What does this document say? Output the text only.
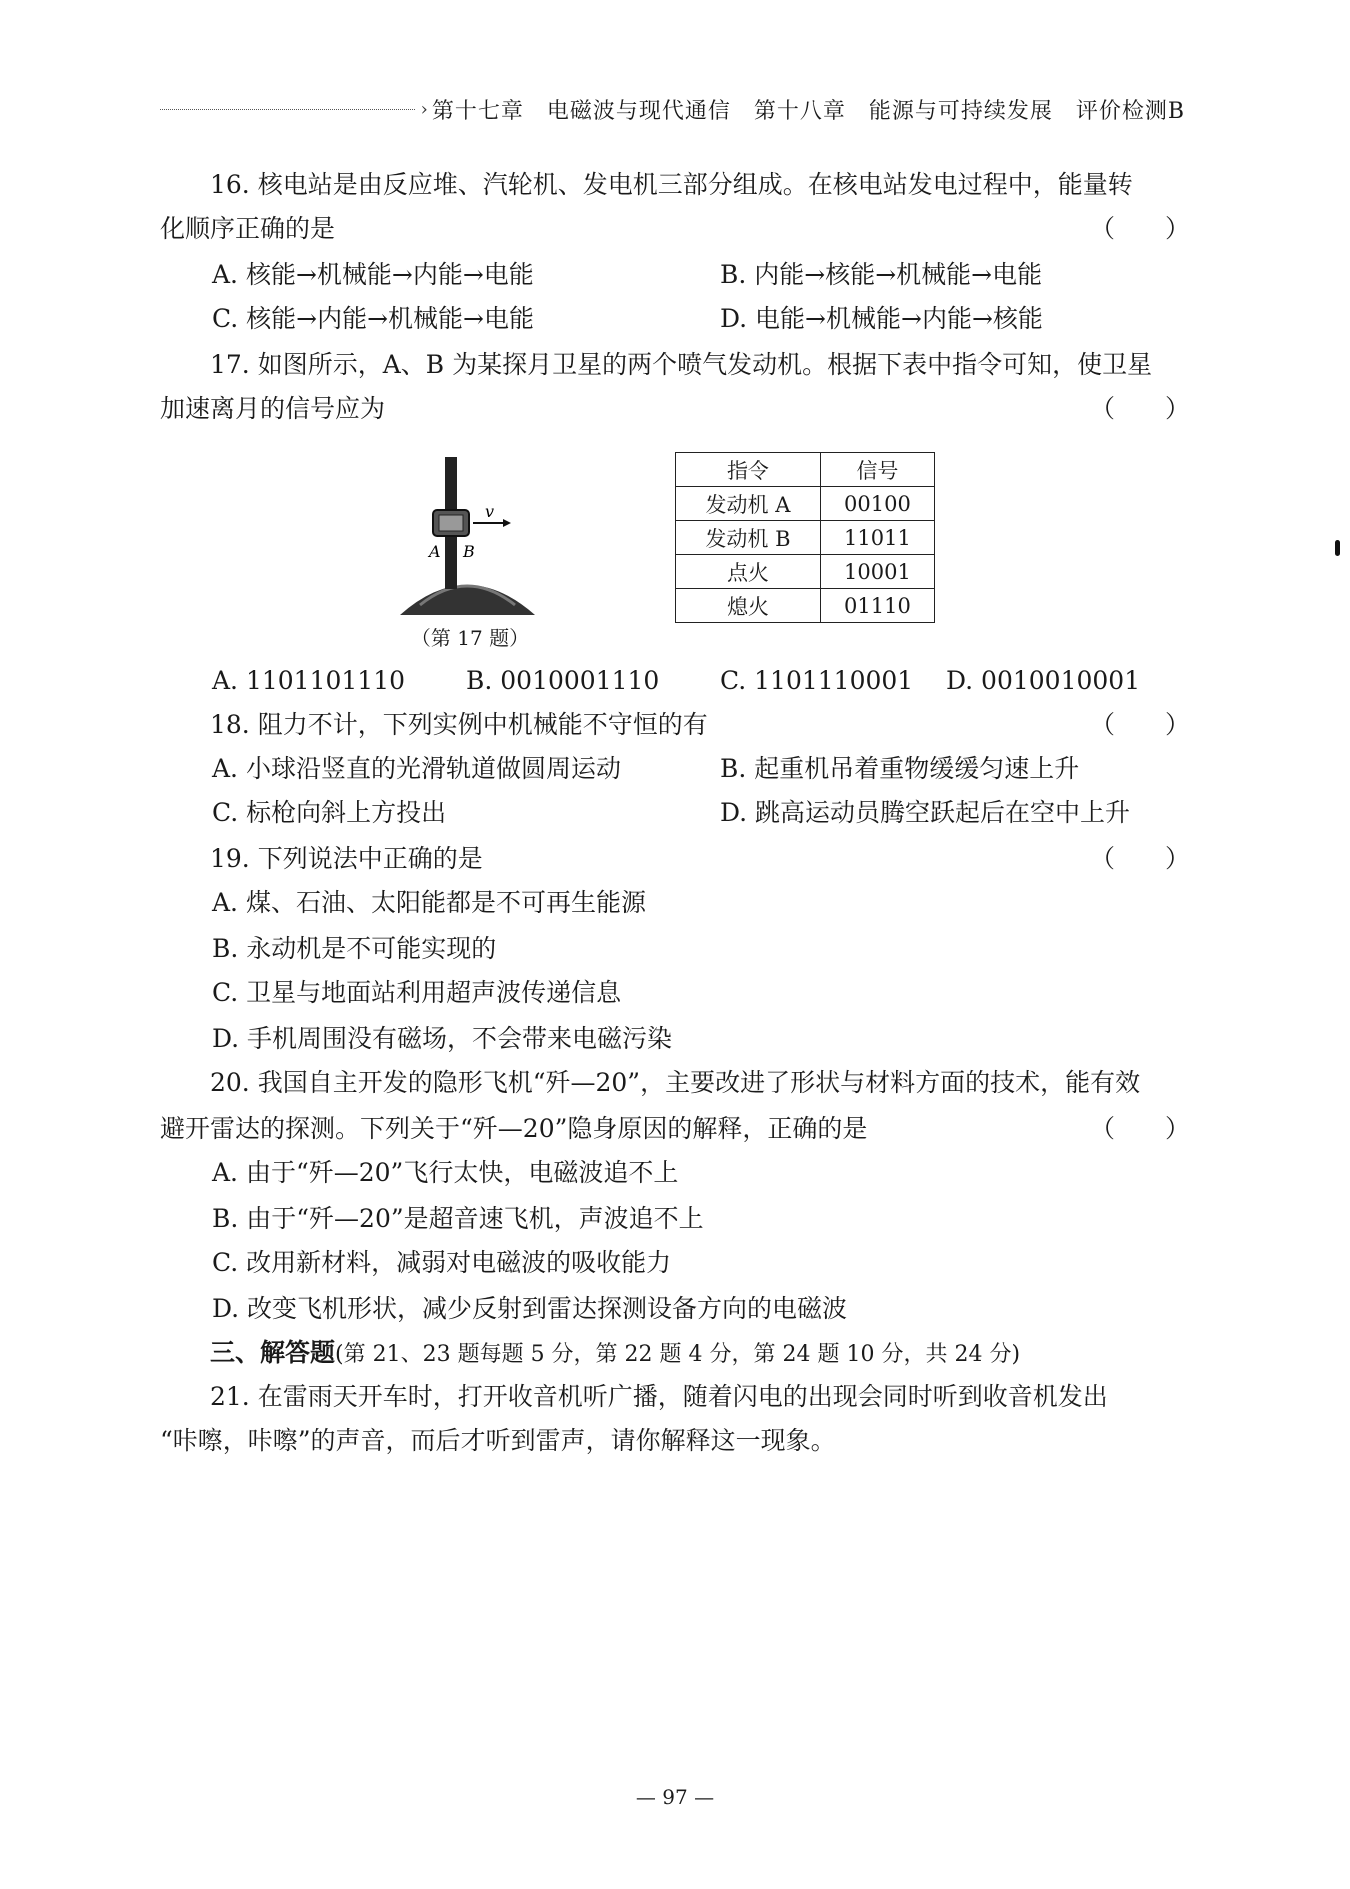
› 第十七章　电磁波与现代通信　第十八章　能源与可持续发展　评价检测B
16. 核电站是由反应堆、汽轮机、发电机三部分组成。在核电站发电过程中，能量转
化顺序正确的是	（　　）
A. 核能→机械能→内能→电能	B. 内能→核能→机械能→电能
C. 核能→内能→机械能→电能	D. 电能→机械能→内能→核能
17. 如图所示，A、B 为某探月卫星的两个喷气发动机。根据下表中指令可知，使卫星
加速离月的信号应为	（　　）
v
A B
（第 17 题）
指令	信号
发动机 A	00100
发动机 B	11011
点火	10001
熄火	01110
A. 1101101110 B. 0010001110 C. 1101110001 D. 0010010001
18. 阻力不计，下列实例中机械能不守恒的有	（　　）
A. 小球沿竖直的光滑轨道做圆周运动	B. 起重机吊着重物缓缓匀速上升
C. 标枪向斜上方投出	D. 跳高运动员腾空跃起后在空中上升
19. 下列说法中正确的是	（　　）
A. 煤、石油、太阳能都是不可再生能源
B. 永动机是不可能实现的
C. 卫星与地面站利用超声波传递信息
D. 手机周围没有磁场，不会带来电磁污染
20. 我国自主开发的隐形飞机“歼—20”，主要改进了形状与材料方面的技术，能有效
避开雷达的探测。下列关于“歼—20”隐身原因的解释，正确的是	（　　）
A. 由于“歼—20”飞行太快，电磁波追不上
B. 由于“歼—20”是超音速飞机，声波追不上
C. 改用新材料，减弱对电磁波的吸收能力
D. 改变飞机形状，减少反射到雷达探测设备方向的电磁波
三、解答题(第 21、23 题每题 5 分，第 22 题 4 分，第 24 题 10 分，共 24 分)
21. 在雷雨天开车时，打开收音机听广播，随着闪电的出现会同时听到收音机发出
“咔嚓，咔嚓”的声音，而后才听到雷声，请你解释这一现象。
— 97 —
